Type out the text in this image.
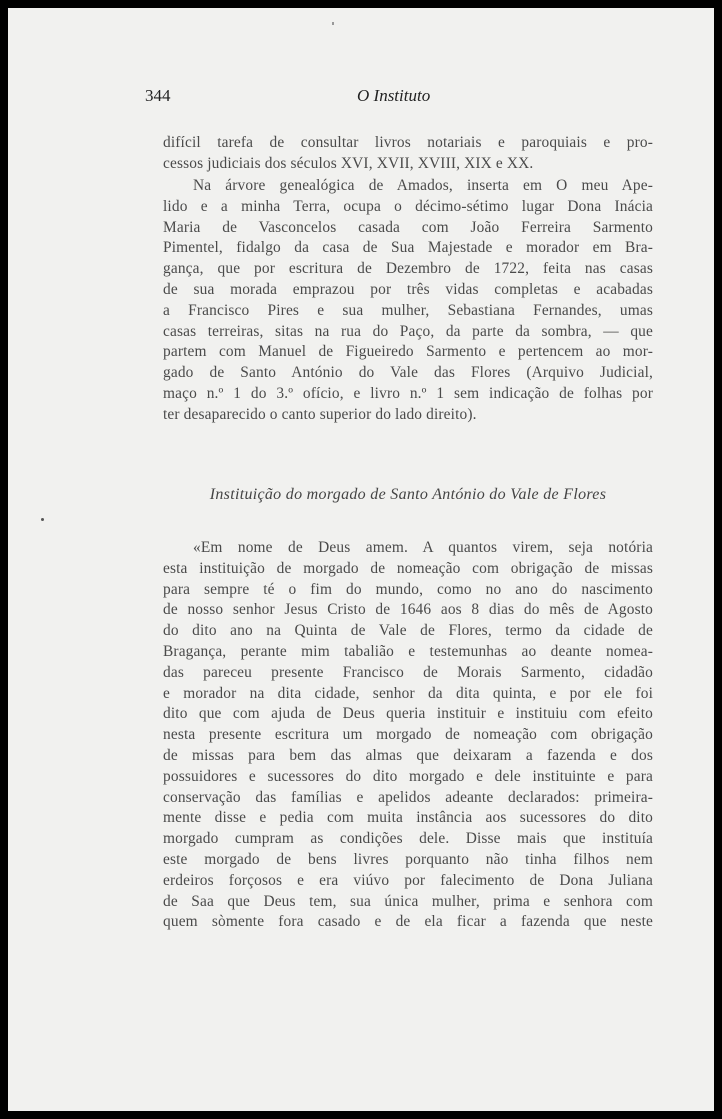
344	O Instituto
difícil tarefa de consultar livros notariais e paroquiais e pro-
cessos judiciais dos séculos XVI, XVII, XVIII, XIX e XX.
Na árvore genealógica de Amados, inserta em O meu Ape-
lido e a minha Terra, ocupa o décimo-sétimo lugar Dona Inácia
Maria de Vasconcelos casada com João Ferreira Sarmento
Pimentel, fidalgo da casa de Sua Majestade e morador em Bra-
gança, que por escritura de Dezembro de 1722, feita nas casas
de sua morada emprazou por três vidas completas e acabadas
a Francisco Pires e sua mulher, Sebastiana Fernandes, umas
casas terreiras, sitas na rua do Paço, da parte da sombra, — que
partem com Manuel de Figueiredo Sarmento e pertencem ao mor-
gado de Santo António do Vale das Flores (Arquivo Judicial,
maço n.º 1 do 3.º ofício, e livro n.º 1 sem indicação de folhas por
ter desaparecido o canto superior do lado direito).
Instituição do morgado de Santo António do Vale de Flores
«Em nome de Deus amem. A quantos virem, seja notória
esta instituição de morgado de nomeação com obrigação de missas
para sempre té o fim do mundo, como no ano do nascimento
de nosso senhor Jesus Cristo de 1646 aos 8 dias do mês de Agosto
do dito ano na Quinta de Vale de Flores, termo da cidade de
Bragança, perante mim tabalião e testemunhas ao deante nomea-
das pareceu presente Francisco de Morais Sarmento, cidadão
e morador na dita cidade, senhor da dita quinta, e por ele foi
dito que com ajuda de Deus queria instituir e instituiu com efeito
nesta presente escritura um morgado de nomeação com obrigação
de missas para bem das almas que deixaram a fazenda e dos
possuidores e sucessores do dito morgado e dele instituinte e para
conservação das famílias e apelidos adeante declarados: primeira-
mente disse e pedia com muita instância aos sucessores do dito
morgado cumpram as condições dele. Disse mais que instituía
este morgado de bens livres porquanto não tinha filhos nem
erdeiros forçosos e era viúvo por falecimento de Dona Juliana
de Saa que Deus tem, sua única mulher, prima e senhora com
quem sòmente fora casado e de ela ficar a fazenda que neste
